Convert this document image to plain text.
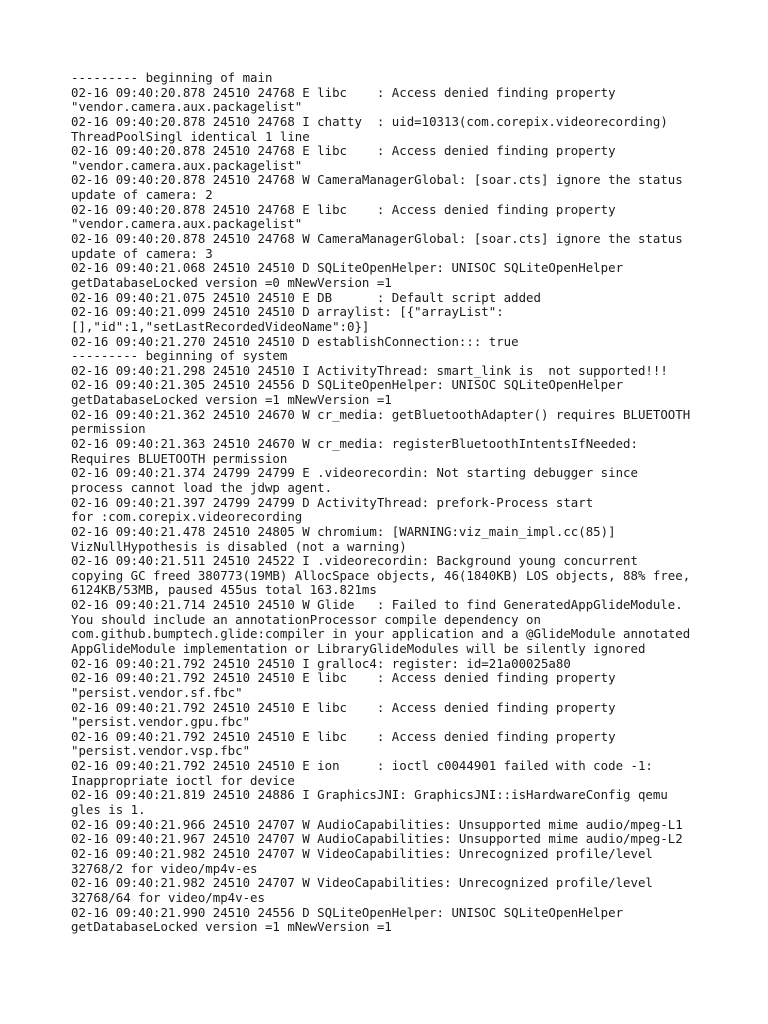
--------- beginning of main
02-16 09:40:20.878 24510 24768 E libc    : Access denied finding property
"vendor.camera.aux.packagelist"
02-16 09:40:20.878 24510 24768 I chatty  : uid=10313(com.corepix.videorecording)
ThreadPoolSingl identical 1 line
02-16 09:40:20.878 24510 24768 E libc    : Access denied finding property
"vendor.camera.aux.packagelist"
02-16 09:40:20.878 24510 24768 W CameraManagerGlobal: [soar.cts] ignore the status
update of camera: 2
02-16 09:40:20.878 24510 24768 E libc    : Access denied finding property
"vendor.camera.aux.packagelist"
02-16 09:40:20.878 24510 24768 W CameraManagerGlobal: [soar.cts] ignore the status
update of camera: 3
02-16 09:40:21.068 24510 24510 D SQLiteOpenHelper: UNISOC SQLiteOpenHelper
getDatabaseLocked version =0 mNewVersion =1
02-16 09:40:21.075 24510 24510 E DB      : Default script added
02-16 09:40:21.099 24510 24510 D arraylist: [{"arrayList":
[],"id":1,"setLastRecordedVideoName":0}]
02-16 09:40:21.270 24510 24510 D establishConnection::: true
--------- beginning of system
02-16 09:40:21.298 24510 24510 I ActivityThread: smart_link is  not supported!!!
02-16 09:40:21.305 24510 24556 D SQLiteOpenHelper: UNISOC SQLiteOpenHelper
getDatabaseLocked version =1 mNewVersion =1
02-16 09:40:21.362 24510 24670 W cr_media: getBluetoothAdapter() requires BLUETOOTH
permission
02-16 09:40:21.363 24510 24670 W cr_media: registerBluetoothIntentsIfNeeded:
Requires BLUETOOTH permission
02-16 09:40:21.374 24799 24799 E .videorecordin: Not starting debugger since
process cannot load the jdwp agent.
02-16 09:40:21.397 24799 24799 D ActivityThread: prefork-Process start
for :com.corepix.videorecording
02-16 09:40:21.478 24510 24805 W chromium: [WARNING:viz_main_impl.cc(85)]
VizNullHypothesis is disabled (not a warning)
02-16 09:40:21.511 24510 24522 I .videorecordin: Background young concurrent
copying GC freed 380773(19MB) AllocSpace objects, 46(1840KB) LOS objects, 88% free,
6124KB/53MB, paused 455us total 163.821ms
02-16 09:40:21.714 24510 24510 W Glide   : Failed to find GeneratedAppGlideModule.
You should include an annotationProcessor compile dependency on
com.github.bumptech.glide:compiler in your application and a @GlideModule annotated
AppGlideModule implementation or LibraryGlideModules will be silently ignored
02-16 09:40:21.792 24510 24510 I gralloc4: register: id=21a00025a80
02-16 09:40:21.792 24510 24510 E libc    : Access denied finding property
"persist.vendor.sf.fbc"
02-16 09:40:21.792 24510 24510 E libc    : Access denied finding property
"persist.vendor.gpu.fbc"
02-16 09:40:21.792 24510 24510 E libc    : Access denied finding property
"persist.vendor.vsp.fbc"
02-16 09:40:21.792 24510 24510 E ion     : ioctl c0044901 failed with code -1:
Inappropriate ioctl for device
02-16 09:40:21.819 24510 24886 I GraphicsJNI: GraphicsJNI::isHardwareConfig qemu
gles is 1.
02-16 09:40:21.966 24510 24707 W AudioCapabilities: Unsupported mime audio/mpeg-L1
02-16 09:40:21.967 24510 24707 W AudioCapabilities: Unsupported mime audio/mpeg-L2
02-16 09:40:21.982 24510 24707 W VideoCapabilities: Unrecognized profile/level
32768/2 for video/mp4v-es
02-16 09:40:21.982 24510 24707 W VideoCapabilities: Unrecognized profile/level
32768/64 for video/mp4v-es
02-16 09:40:21.990 24510 24556 D SQLiteOpenHelper: UNISOC SQLiteOpenHelper
getDatabaseLocked version =1 mNewVersion =1
